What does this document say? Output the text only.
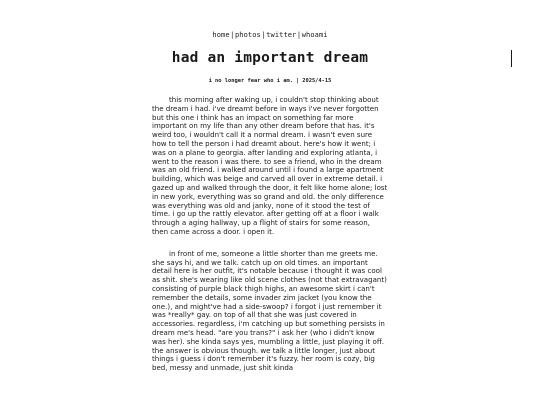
home|photos|twitter|whoami
had an important dream
i no longer fear who i am. | 2025/4-15

this morning after waking up, i couldn't stop thinking about the dream i had. i've dreamt before in ways i've never forgotten but this one i think has an impact on something far more important on my life than any other dream before that has. it's weird too, i wouldn't call it a normal dream. i wasn't even sure how to tell the person i had dreamt about. here's how it went; i was on a plane to georgia. after landing and exploring atlanta, i went to the reason i was there. to see a friend, who in the dream was an old friend. i walked around until i found a large apartment building, which was beige and carved all over in extreme detail. i gazed up and walked through the door, it felt like home alone; lost in new york, everything was so grand and old. the only difference was everything was old and janky, none of it stood the test of time. i go up the rattly elevator. after getting off at a floor i walk through a aging hallway, up a flight of stairs for some reason, then came across a door. i open it.

in front of me, someone a little shorter than me greets me. she says hi, and we talk. catch up on old times. an important detail here is her outfit, it's notable because i thought it was cool as shit. she's wearing like old scene clothes (not that extravagant) consisting of purple black thigh highs, an awesome skirt i can't remember the details, some invader zim jacket (you know the one.), and might've had a side-swoop? i forgot i just remember it was *really* gay. on top of all that she was just covered in accessories. regardless, i'm catching up but something persists in dream me's head. "are you trans?" i ask her (who i didn't know was her). she kinda says yes, mumbling a little, just playing it off. the answer is obvious though. we talk a little longer, just about things i guess i don't remember it's fuzzy. her room is cozy, big bed, messy and unmade, just shit kinda
